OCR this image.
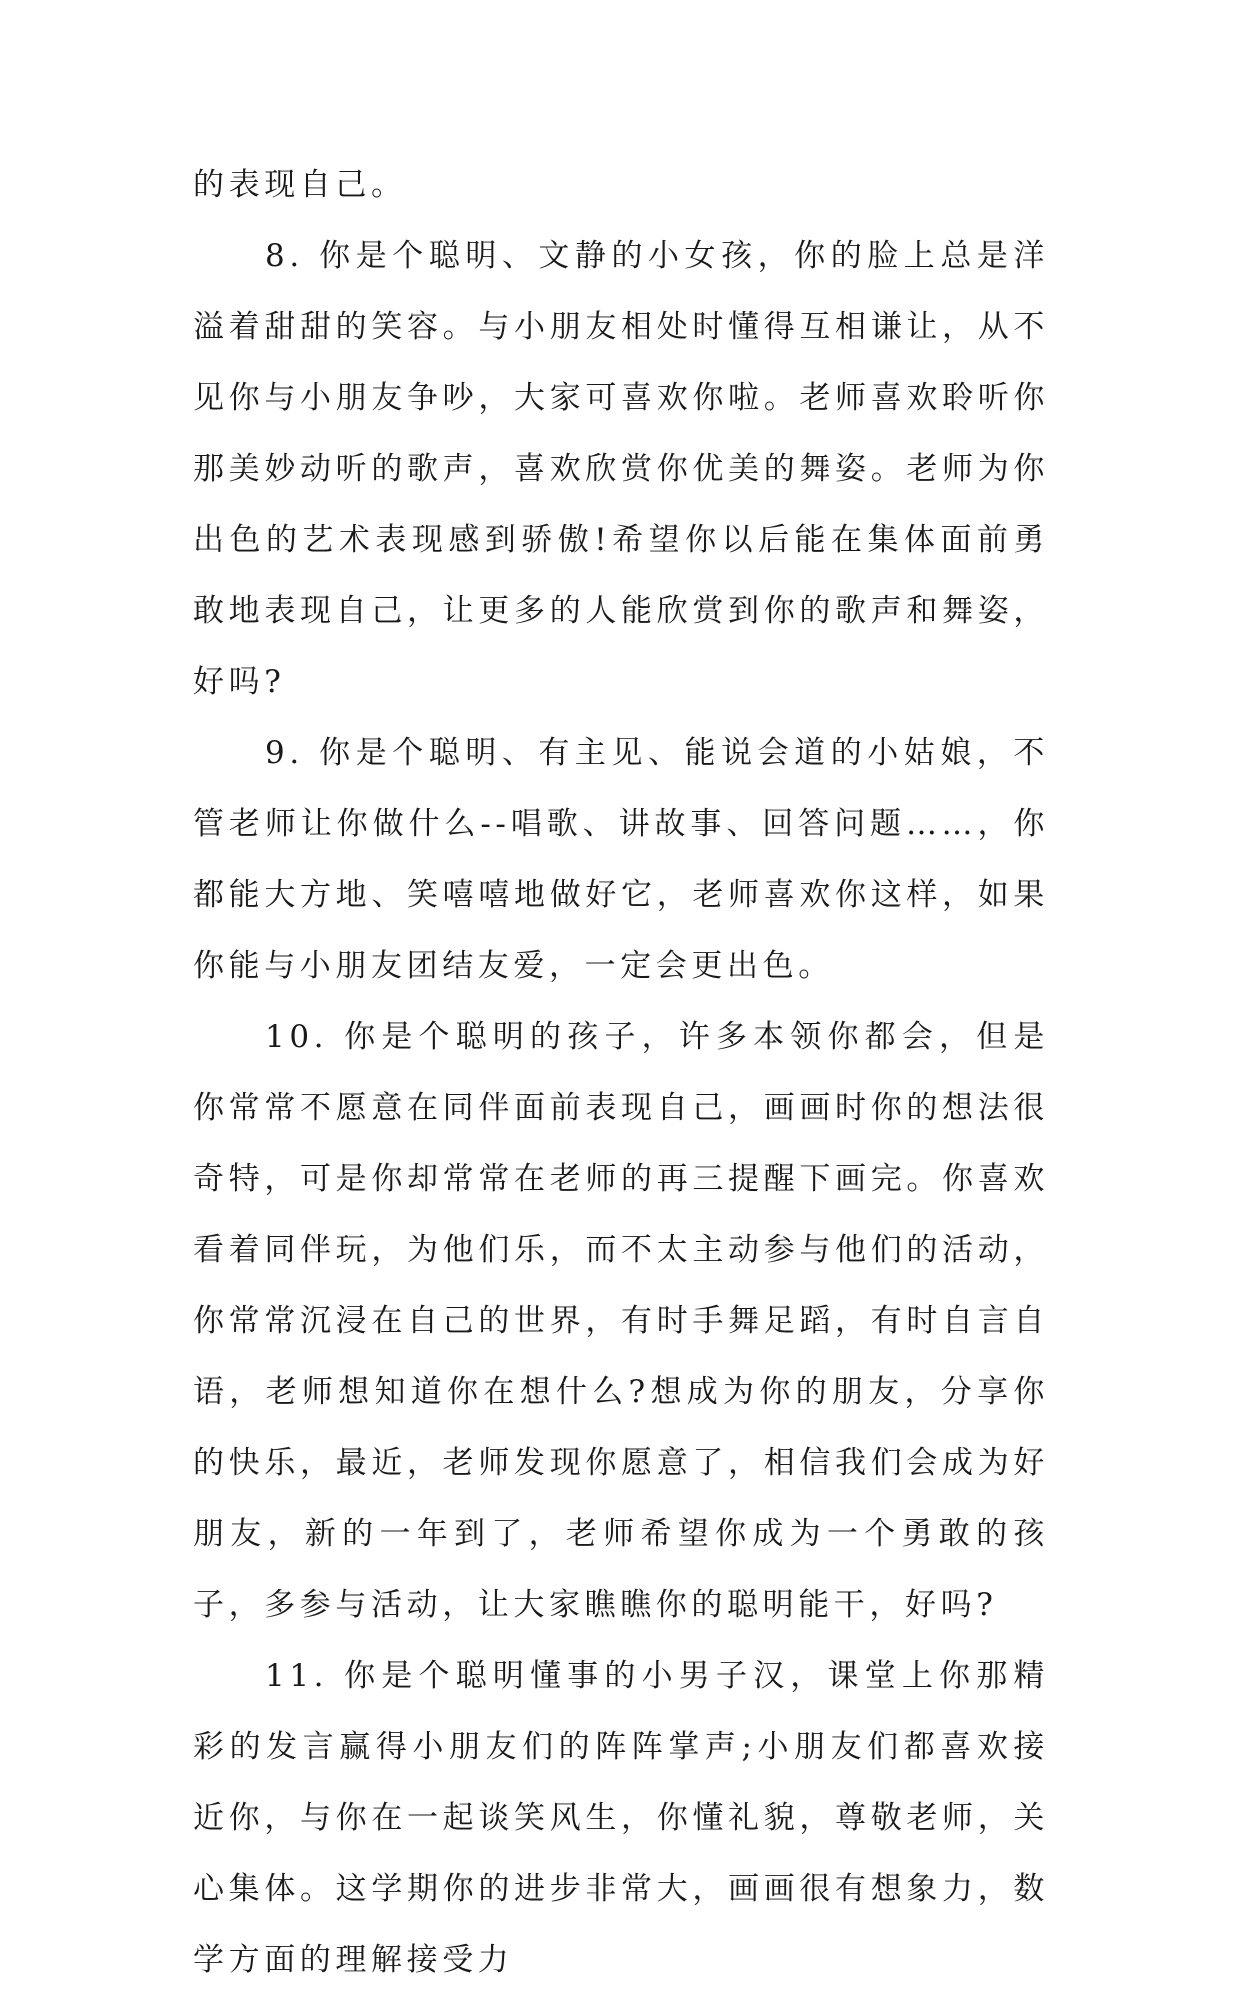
的表现自己。

8. 你是个聪明、文静的小女孩，你的脸上总是洋溢着甜甜的笑容。与小朋友相处时懂得互相谦让，从不见你与小朋友争吵，大家可喜欢你啦。老师喜欢聆听你那美妙动听的歌声，喜欢欣赏你优美的舞姿。老师为你出色的艺术表现感到骄傲!希望你以后能在集体面前勇敢地表现自己，让更多的人能欣赏到你的歌声和舞姿，好吗?

9. 你是个聪明、有主见、能说会道的小姑娘，不管老师让你做什么--唱歌、讲故事、回答问题……，你都能大方地、笑嘻嘻地做好它，老师喜欢你这样，如果你能与小朋友团结友爱，一定会更出色。

10. 你是个聪明的孩子，许多本领你都会，但是你常常不愿意在同伴面前表现自己，画画时你的想法很奇特，可是你却常常在老师的再三提醒下画完。你喜欢看着同伴玩，为他们乐，而不太主动参与他们的活动，你常常沉浸在自己的世界，有时手舞足蹈，有时自言自语，老师想知道你在想什么?想成为你的朋友，分享你的快乐，最近，老师发现你愿意了，相信我们会成为好朋友，新的一年到了，老师希望你成为一个勇敢的孩子，多参与活动，让大家瞧瞧你的聪明能干，好吗?

11. 你是个聪明懂事的小男子汉，课堂上你那精彩的发言赢得小朋友们的阵阵掌声;小朋友们都喜欢接近你，与你在一起谈笑风生，你懂礼貌，尊敬老师，关心集体。这学期你的进步非常大，画画很有想象力，数学方面的理解接受力
